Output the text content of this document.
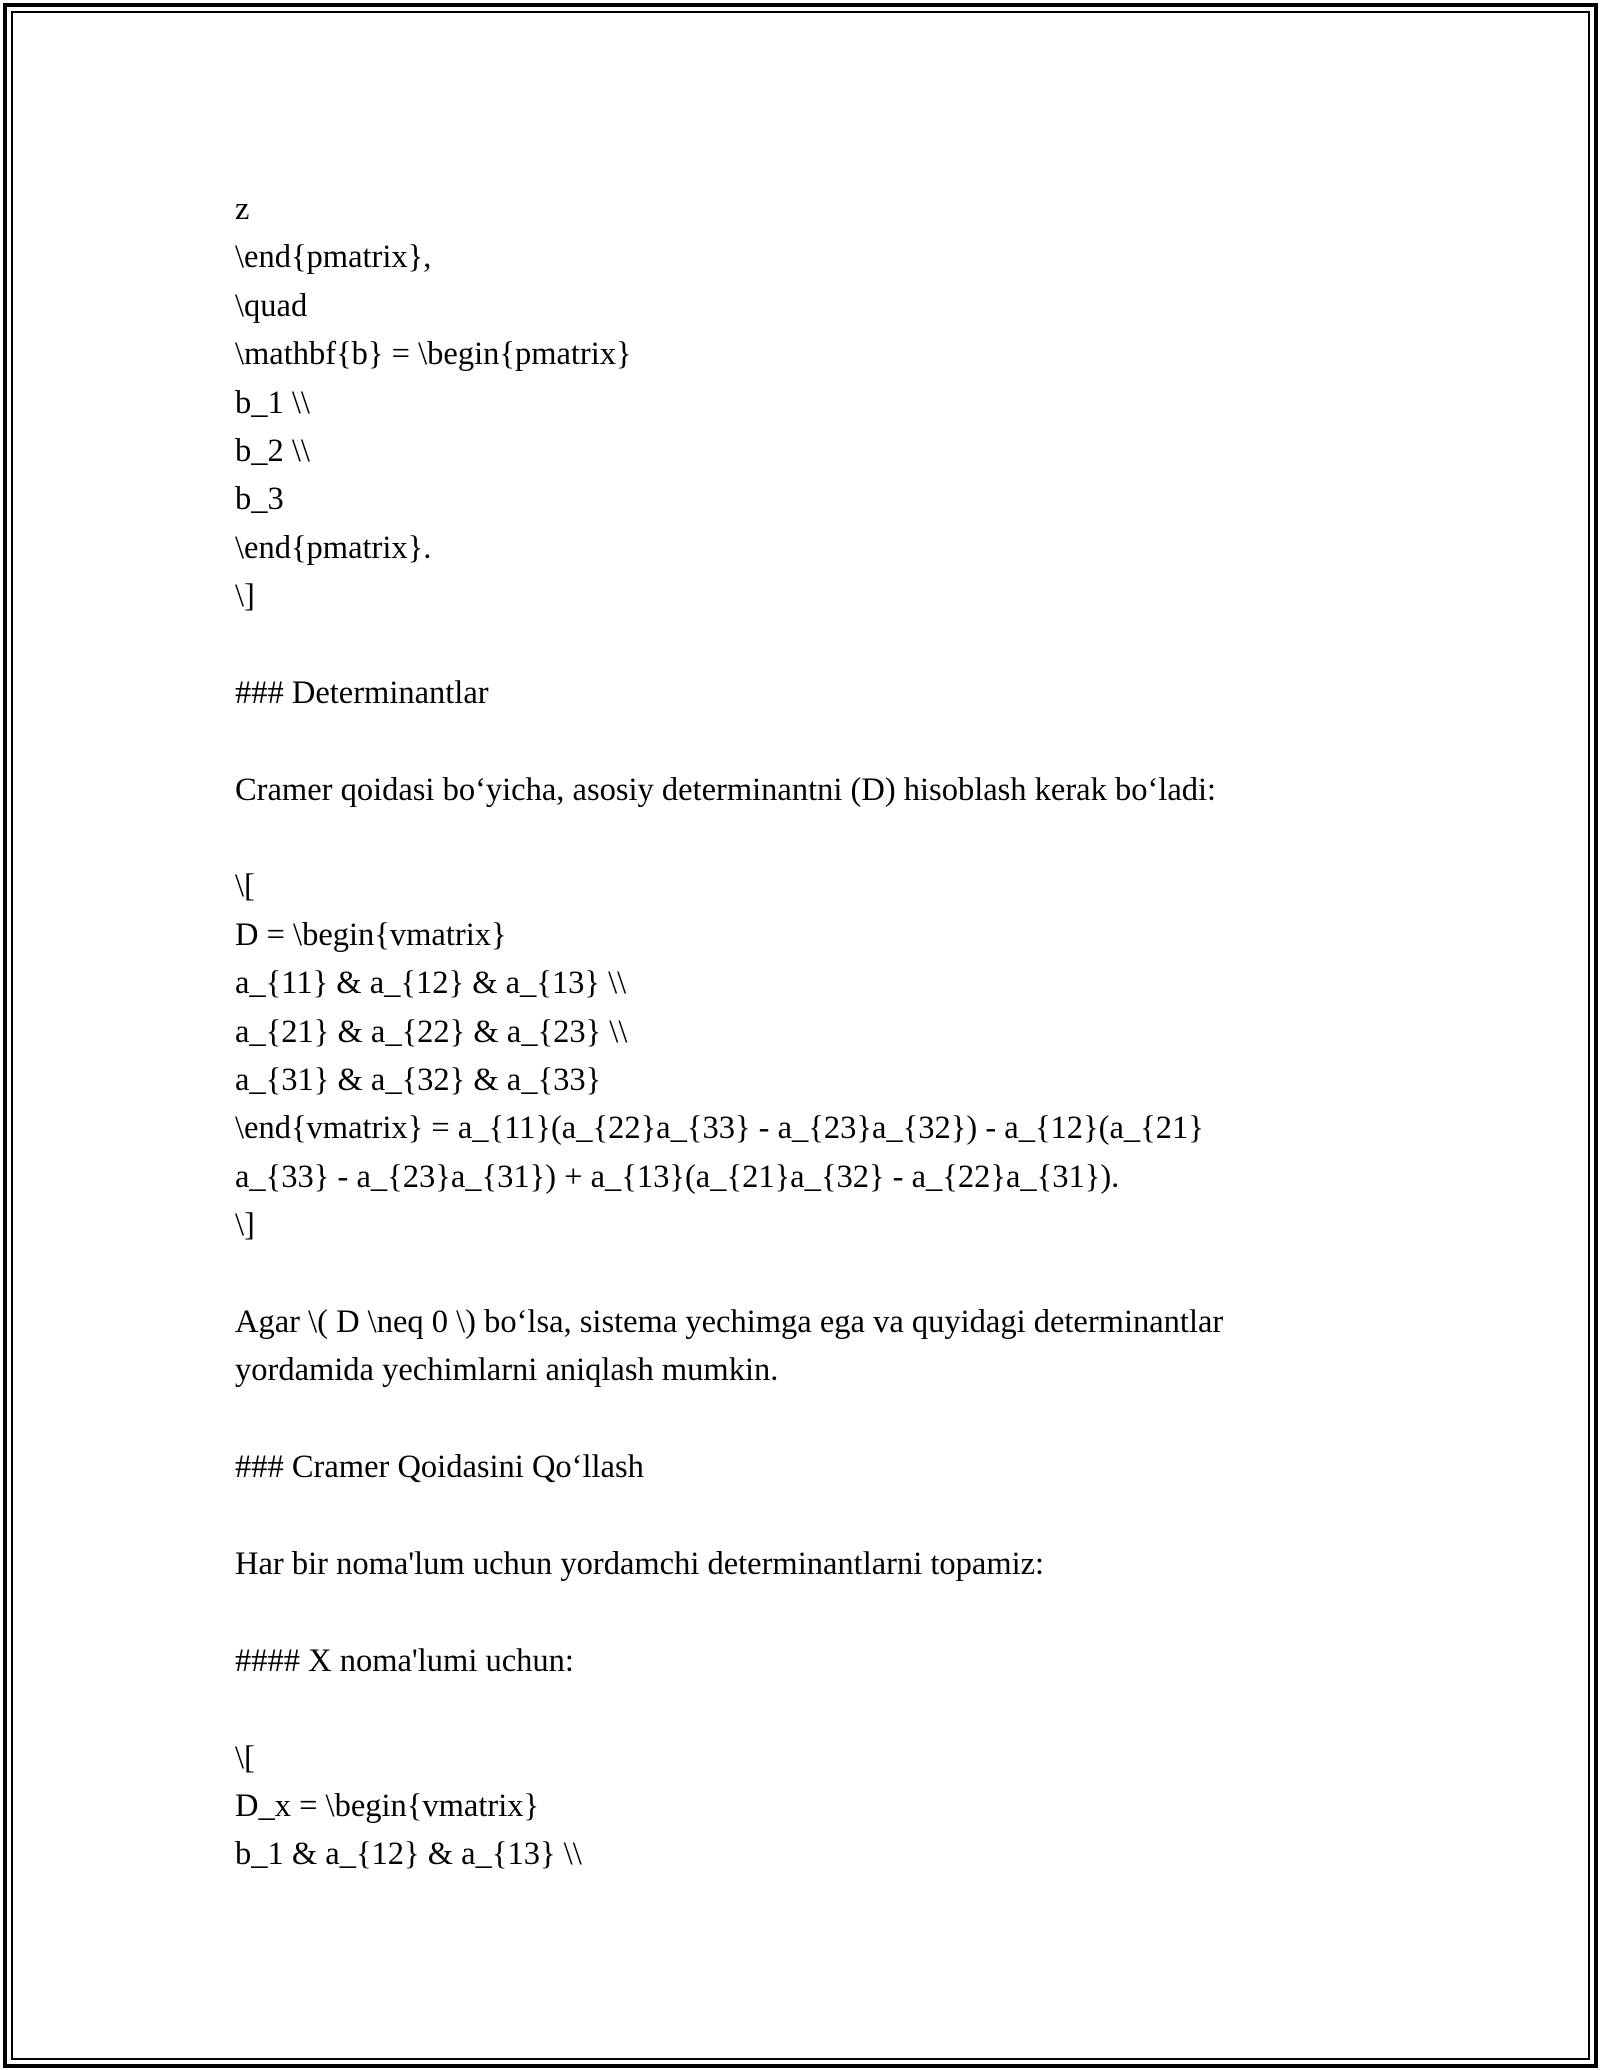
z
\end{pmatrix},
\quad
\mathbf{b} = \begin{pmatrix}
b_1 \\
b_2 \\
b_3
\end{pmatrix}.
\]
### Determinantlar
Cramer qoidasi bo‘yicha, asosiy determinantni (D) hisoblash kerak bo‘ladi:
\[
D = \begin{vmatrix}
a_{11} & a_{12} & a_{13} \\
a_{21} & a_{22} & a_{23} \\
a_{31} & a_{32} & a_{33}
\end{vmatrix} = a_{11}(a_{22}a_{33} - a_{23}a_{32}) - a_{12}(a_{21}
a_{33} - a_{23}a_{31}) + a_{13}(a_{21}a_{32} - a_{22}a_{31}).
\]
Agar \( D \neq 0 \) bo‘lsa, sistema yechimga ega va quyidagi determinantlar
yordamida yechimlarni aniqlash mumkin.
### Cramer Qoidasini Qo‘llash
Har bir noma'lum uchun yordamchi determinantlarni topamiz:
#### X noma'lumi uchun:
\[
D_x = \begin{vmatrix}
b_1 & a_{12} & a_{13} \\
